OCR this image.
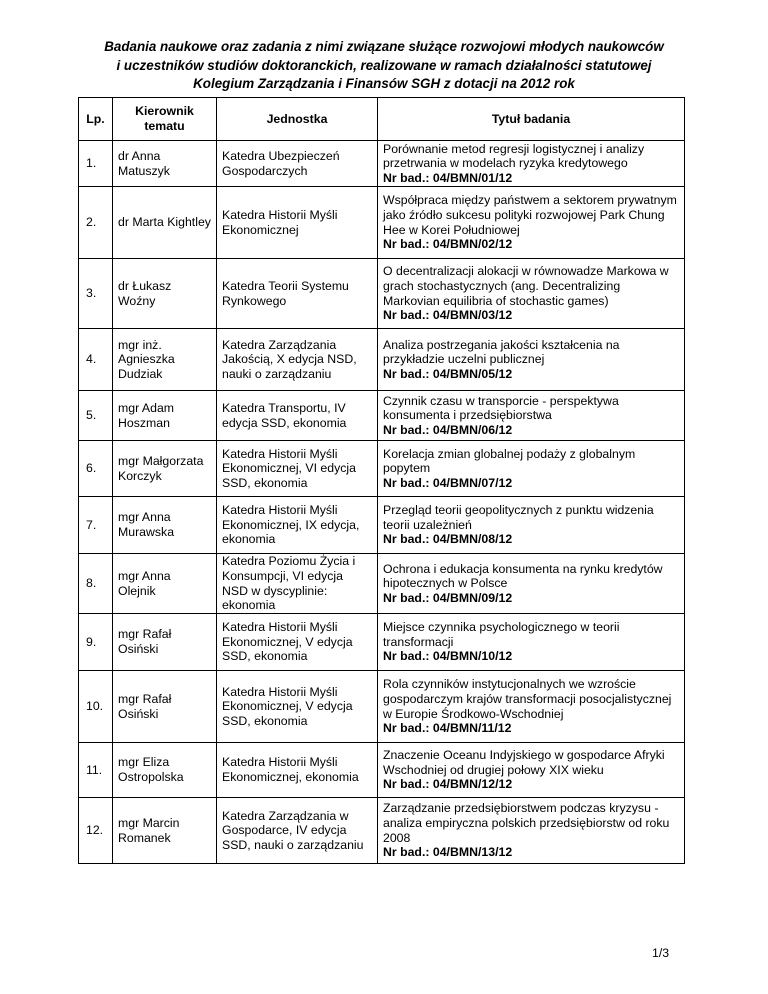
Badania naukowe oraz zadania z nimi związane służące rozwojowi młodych naukowców
i uczestników studiów doktoranckich, realizowane w ramach działalności statutowej
Kolegium Zarządzania i Finansów SGH z dotacji na 2012 rok
Lp.	Kierownik tematu	Jednostka	Tytuł badania
1.	dr Anna Matuszyk	Katedra Ubezpieczeń Gospodarczych	Porównanie metod regresji logistycznej i analizy przetrwania w modelach ryzyka kredytowego
Nr bad.: 04/BMN/01/12

2.	dr Marta Kightley	Katedra Historii Myśli Ekonomicznej	Współpraca między państwem a sektorem prywatnym jako źródło sukcesu polityki rozwojowej Park Chung Hee w Korei Południowej
Nr bad.: 04/BMN/02/12

3.	dr Łukasz Woźny	Katedra Teorii Systemu Rynkowego	O decentralizacji alokacji w równowadze Markowa w grach stochastycznych (ang. Decentralizing Markovian equilibria of stochastic games)
Nr bad.: 04/BMN/03/12

4.	mgr inż. Agnieszka Dudziak	Katedra Zarządzania Jakością, X edycja NSD, nauki o zarządzaniu	Analiza postrzegania jakości kształcenia na przykładzie uczelni publicznej
Nr bad.: 04/BMN/05/12

5.	mgr Adam Hoszman	Katedra Transportu, IV edycja SSD, ekonomia	Czynnik czasu w transporcie - perspektywa konsumenta i przedsiębiorstwa
Nr bad.: 04/BMN/06/12

6.	mgr Małgorzata Korczyk	Katedra Historii Myśli Ekonomicznej, VI edycja SSD, ekonomia	Korelacja zmian globalnej podaży z globalnym popytem
Nr bad.: 04/BMN/07/12

7.	mgr Anna Murawska	Katedra Historii Myśli Ekonomicznej, IX edycja, ekonomia	Przegląd teorii geopolitycznych z punktu widzenia teorii uzależnień
Nr bad.: 04/BMN/08/12

8.	mgr Anna Olejnik	Katedra Poziomu Życia i Konsumpcji, VI edycja NSD w dyscyplinie: ekonomia	Ochrona i edukacja konsumenta na rynku kredytów hipotecznych w Polsce
Nr bad.: 04/BMN/09/12

9.	mgr Rafał Osiński	Katedra Historii Myśli Ekonomicznej, V edycja SSD, ekonomia	Miejsce czynnika psychologicznego w teorii transformacji
Nr bad.: 04/BMN/10/12

10.	mgr Rafał Osiński	Katedra Historii Myśli Ekonomicznej, V edycja SSD, ekonomia	Rola czynników instytucjonalnych we wzroście gospodarczym krajów transformacji posocjalistycznej w Europie Środkowo-Wschodniej
Nr bad.: 04/BMN/11/12

11.	mgr Eliza Ostropolska	Katedra Historii Myśli Ekonomicznej, ekonomia	Znaczenie Oceanu Indyjskiego w gospodarce Afryki Wschodniej od drugiej połowy XIX wieku
Nr bad.: 04/BMN/12/12

12.	mgr Marcin Romanek	Katedra Zarządzania w Gospodarce, IV edycja SSD, nauki o zarządzaniu	Zarządzanie przedsiębiorstwem podczas kryzysu - analiza empiryczna polskich przedsiębiorstw od roku 2008
Nr bad.: 04/BMN/13/12
1/3
